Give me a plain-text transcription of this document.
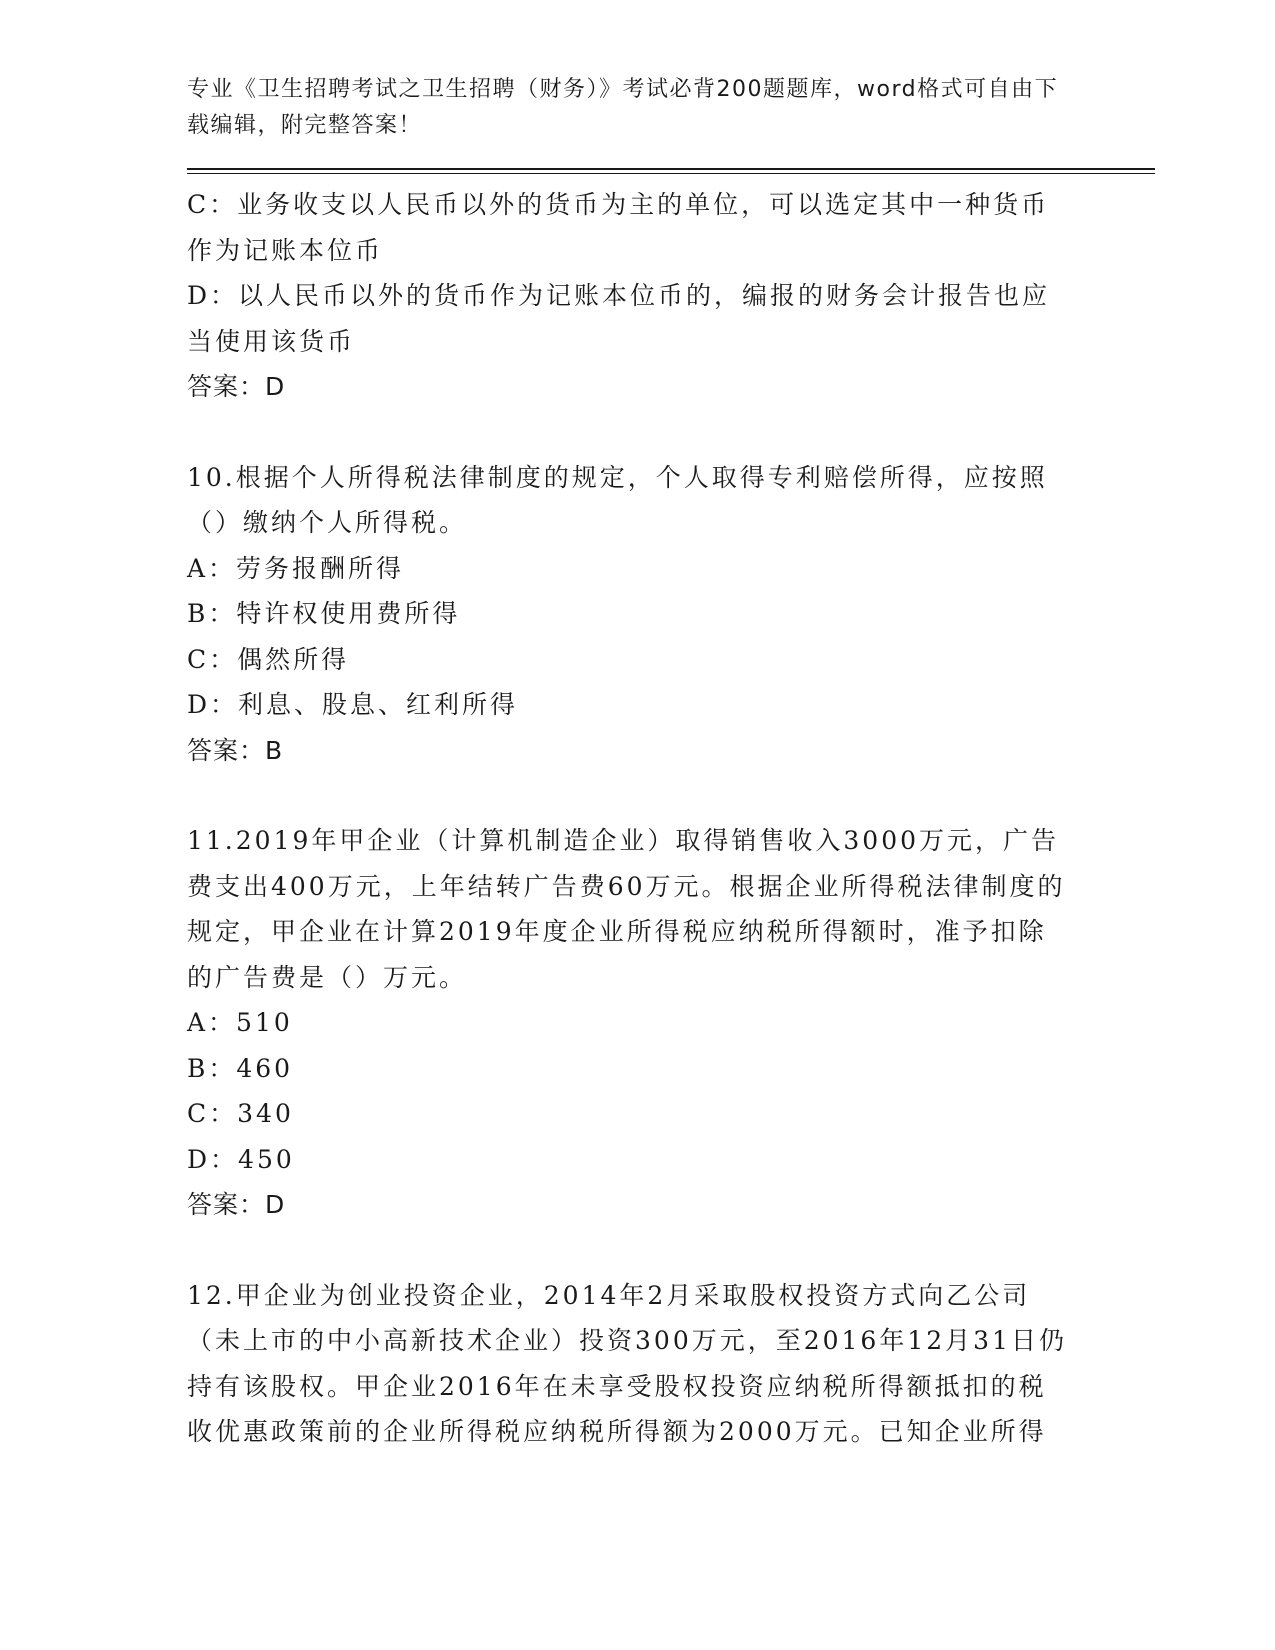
专业《卫生招聘考试之卫生招聘（财务）》考试必背200题题库，word格式可自由下载编辑，附完整答案！
C：业务收支以人民币以外的货币为主的单位，可以选定其中一种货币作为记账本位币
D：以人民币以外的货币作为记账本位币的，编报的财务会计报告也应当使用该货币
答案：D
10.根据个人所得税法律制度的规定，个人取得专利赔偿所得，应按照（）缴纳个人所得税。
A：劳务报酬所得
B：特许权使用费所得
C：偶然所得
D：利息、股息、红利所得
答案：B
11.2019年甲企业（计算机制造企业）取得销售收入3000万元，广告费支出400万元，上年结转广告费60万元。根据企业所得税法律制度的规定，甲企业在计算2019年度企业所得税应纳税所得额时，准予扣除的广告费是（）万元。
A：510
B：460
C：340
D：450
答案：D
12.甲企业为创业投资企业，2014年2月采取股权投资方式向乙公司（未上市的中小高新技术企业）投资300万元，至2016年12月31日仍持有该股权。甲企业2016年在未享受股权投资应纳税所得额抵扣的税收优惠政策前的企业所得税应纳税所得额为2000万元。已知企业所得
